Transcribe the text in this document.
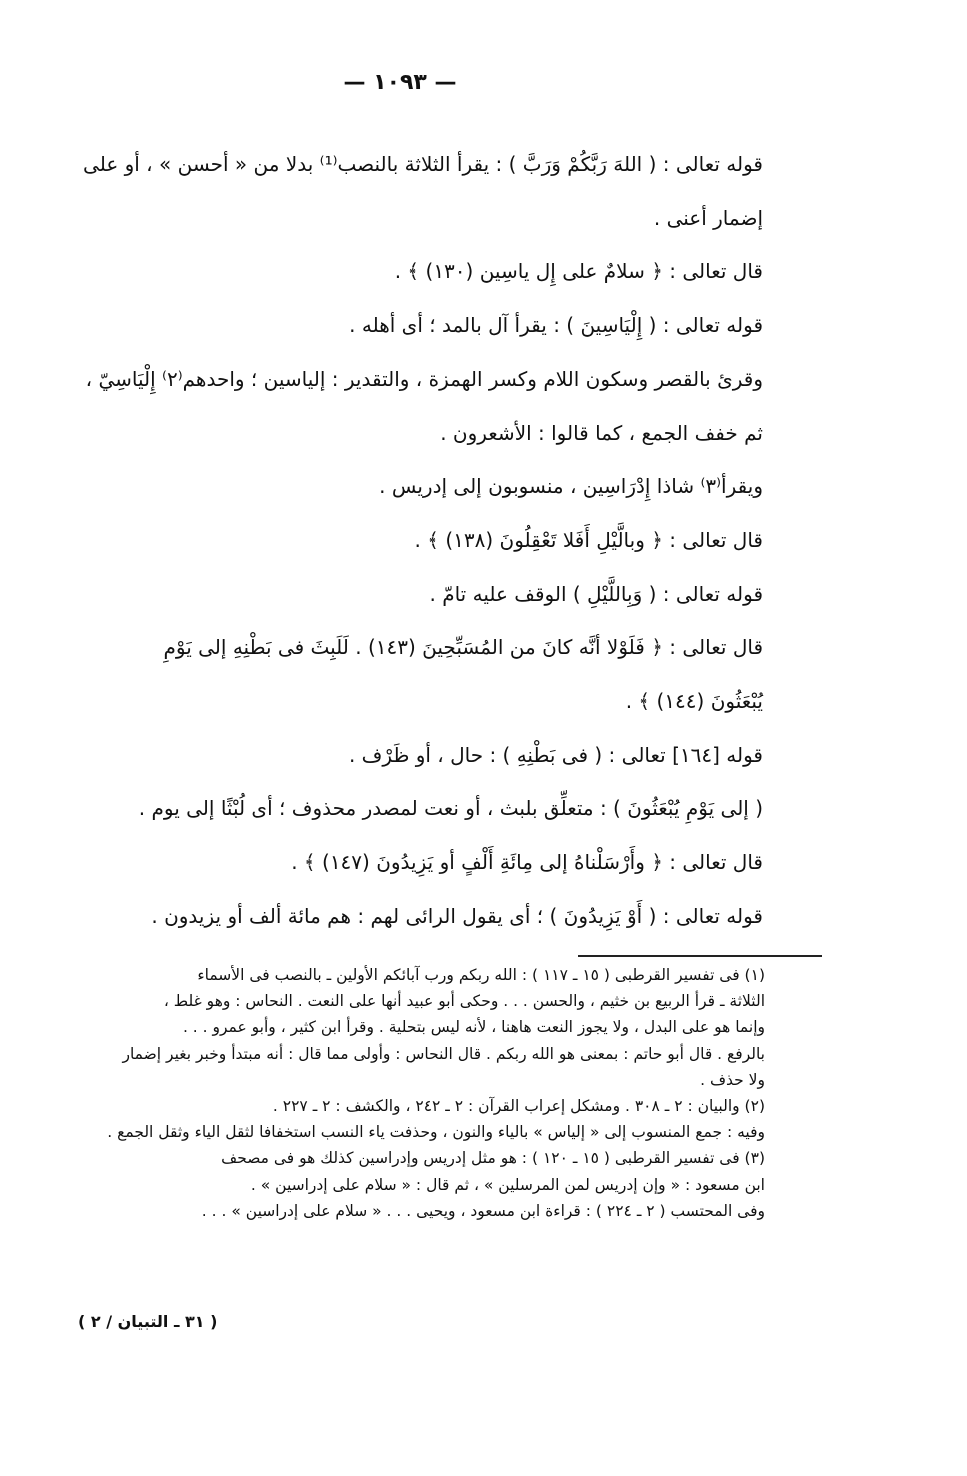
— ١٠٩٣ —

قوله تعالى : ( اللهَ رَبَّكُمْ وَرَبَّ ) : يقرأ الثلاثة بالنصب⁽¹⁾ بدلا من « أحسن » ، أو على

إضمار أعنى .

قال تعالى : ﴿ سلامٌ على إِل ياسِين (١٣٠) ﴾ .

قوله تعالى : ( إِلْيَاسِينَ ) : يقرأ آل بالمد ؛ أى أهله .

وقرئ بالقصر وسكون اللام وكسر الهمزة ، والتقدير : إلياسين ؛ واحدهم⁽٢⁾ إِلْيَاسِيّ ،

ثم خفف الجمع ، كما قالوا : الأشعرون .

ويقرأ⁽٣⁾ شاذا إِدْرَاسِين ، منسوبون إلى إدريس .

قال تعالى : ﴿ وبالَّيْلِ أَفَلا تَعْقِلُونَ (١٣٨) ﴾ .

قوله تعالى : ( وَبِاللَّيْلِ ) الوقف عليه تامّ .

قال تعالى : ﴿ فَلَوْلا أنَّه كانَ من المُسَبِّحِينَ (١٤٣) . لَلَبِثَ فى بَطْنِهِ إلى يَوْمِ

يُبْعَثُونَ (١٤٤) ﴾ .

قوله [١٦٤] تعالى : ( فى بَطْنِهِ ) : حال ، أو ظَرْف .

( إلى يَوْمِ يُبْعَثُونَ ) : متعلِّق بلبث ، أو نعت لمصدر محذوف ؛ أى لُبْثًا إلى يوم .

قال تعالى : ﴿ وأَرْسَلْناهُ إلى مِائَةِ أَلْفٍ أو يَزِيدُونَ (١٤٧) ﴾ .

قوله تعالى : ( أَوْ يَزِيدُونَ ) ؛ أى يقول الرائى لهم : هم مائة ألف أو يزيدون .

(١) فى تفسير القرطبى ( ١٥ ـ ١١٧ ) : الله ربكم ورب آبائكم الأولين ـ بالنصب فى الأسماء

الثلاثة ـ قرأ الربيع بن خثيم ، والحسن . . . وحكى أبو عبيد أنها على النعت . النحاس : وهو غلط ،

وإنما هو على البدل ، ولا يجوز النعت هاهنا ، لأنه ليس بتحلية . وقرأ ابن كثير ، وأبو عمرو . . .

بالرفع . قال أبو حاتم : بمعنى هو الله ربكم . قال النحاس : وأولى مما قال : أنه مبتدأ وخبر بغير إضمار

ولا حذف .

(٢) والبيان : ٢ ـ ٣٠٨ . ومشكل إعراب القرآن : ٢ ـ ٢٤٢ ، والكشف : ٢ ـ ٢٢٧ .

وفيه : جمع المنسوب إلى « إلياس » بالياء والنون ، وحذفت ياء النسب استخفافا لثقل الياء وثقل الجمع .

(٣) فى تفسير القرطبى ( ١٥ ـ ١٢٠ ) : هو مثل إدريس وإدراسين كذلك هو فى مصحف

ابن مسعود : « وإن إدريس لمن المرسلين » ، ثم قال : « سلام على إدراسين » .

وفى المحتسب ( ٢ ـ ٢٢٤ ) : قراءة ابن مسعود ، ويحيى . . . « سلام على إدراسين » . . .

( ٣١ ـ التبيان / ٢ )
